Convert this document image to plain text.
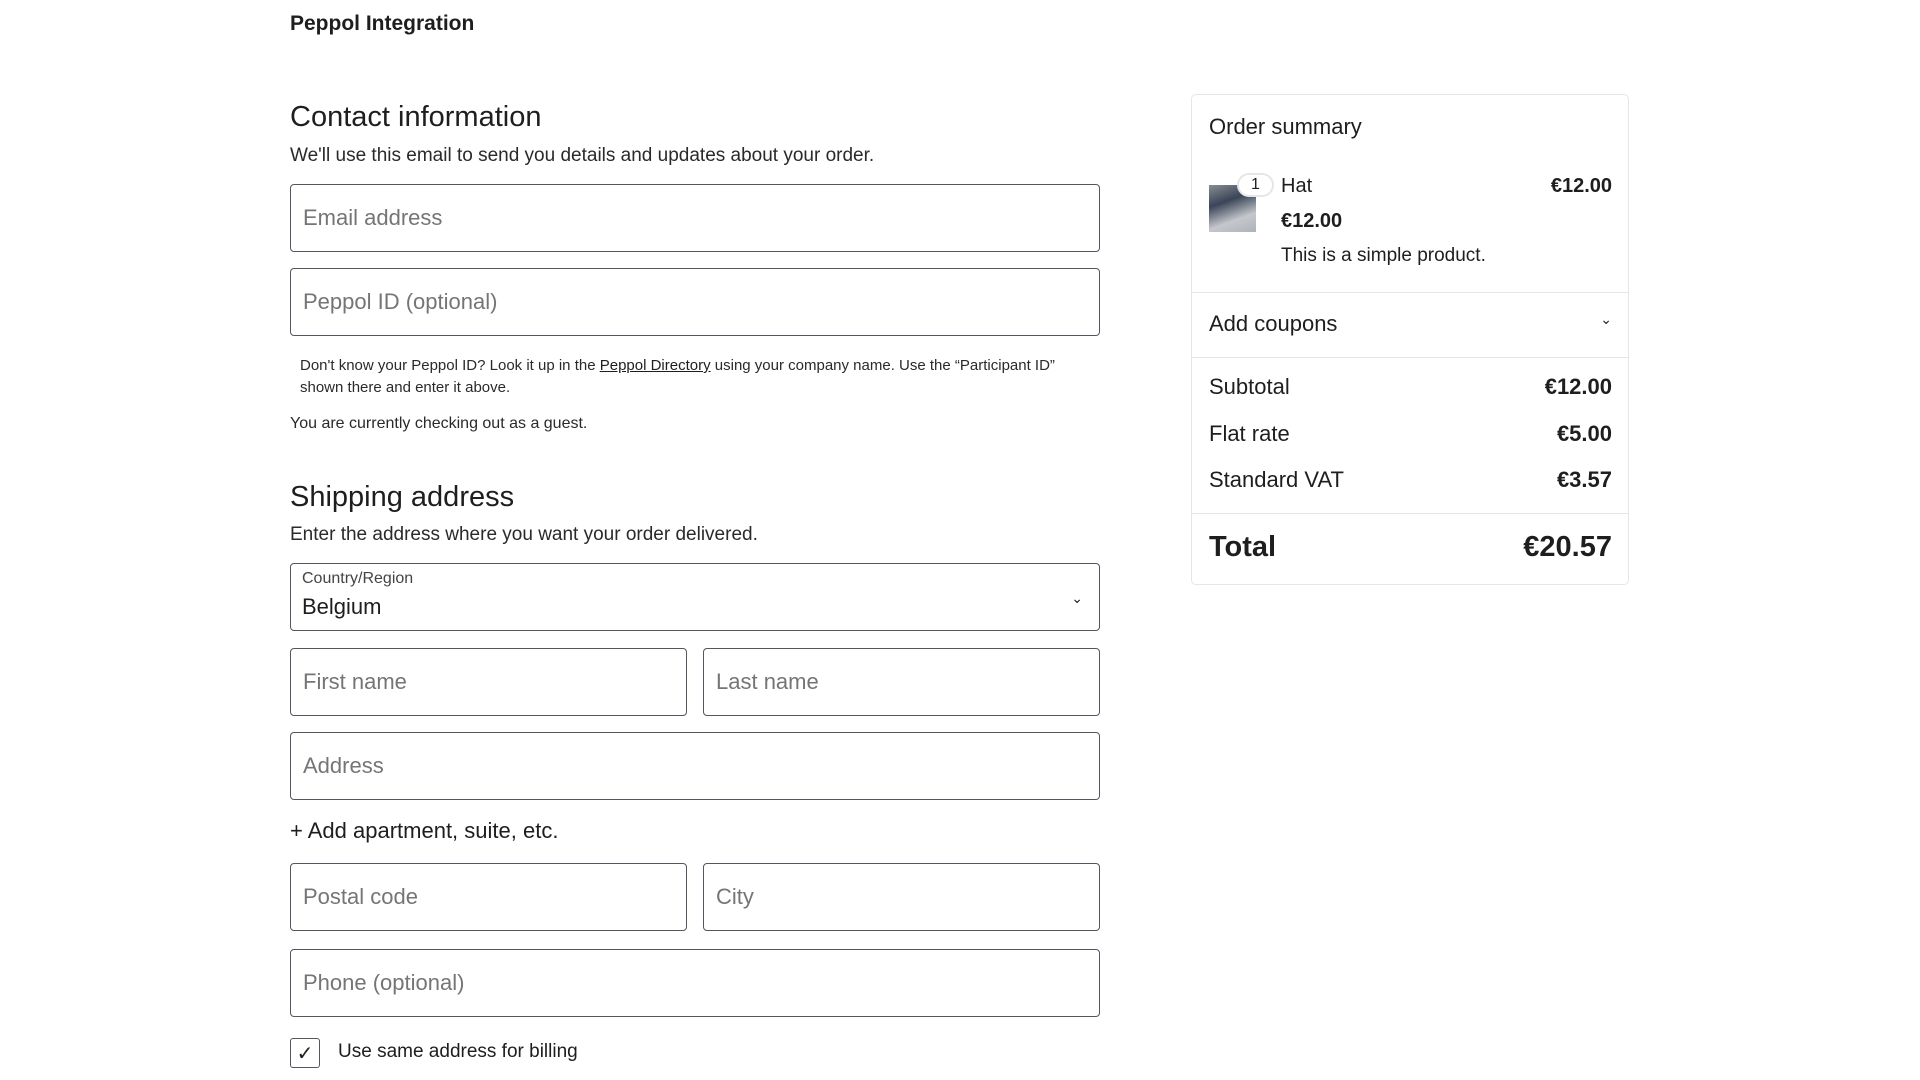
Peppol Integration
Contact information
We'll use this email to send you details and updates about your order.
Email address
Peppol ID (optional)
Don't know your Peppol ID? Look it up in the Peppol Directory using your company name. Use the “Participant ID” shown there and enter it above.
You are currently checking out as a guest.
Shipping address
Enter the address where you want your order delivered.
Country/Region
Belgium	⌄
First name	Last name
Address
+ Add apartment, suite, etc.
Postal code	City
Phone (optional)
✓ Use same address for billing
Order summary
1	Hat	€12.00
€12.00
This is a simple product.
Add coupons	⌄
Subtotal	€12.00
Flat rate	€5.00
Standard VAT	€3.57
Total	€20.57
